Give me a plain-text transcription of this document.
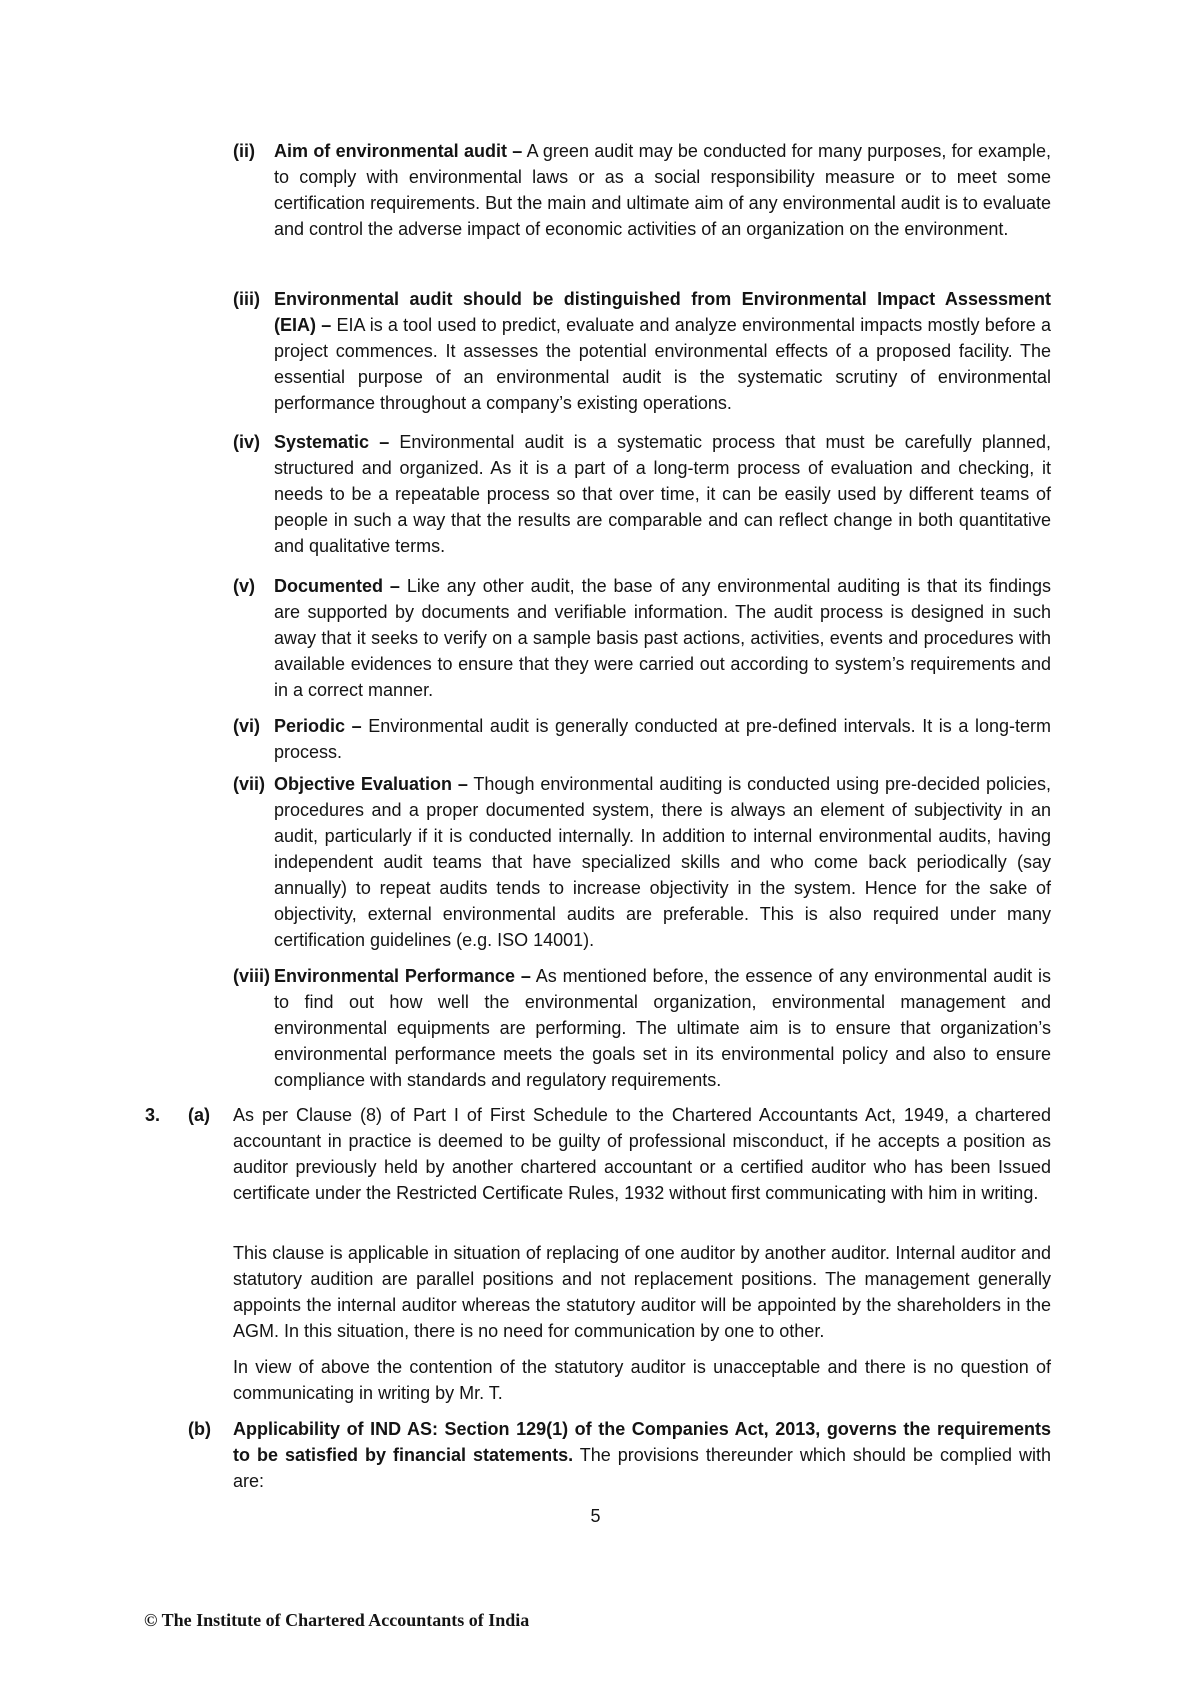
(ii) Aim of environmental audit – A green audit may be conducted for many purposes, for example, to comply with environmental laws or as a social responsibility measure or to meet some certification requirements. But the main and ultimate aim of any environmental audit is to evaluate and control the adverse impact of economic activities of an organization on the environment.
(iii) Environmental audit should be distinguished from Environmental Impact Assessment (EIA) – EIA is a tool used to predict, evaluate and analyze environmental impacts mostly before a project commences. It assesses the potential environmental effects of a proposed facility. The essential purpose of an environmental audit is the systematic scrutiny of environmental performance throughout a company’s existing operations.
(iv) Systematic – Environmental audit is a systematic process that must be carefully planned, structured and organized. As it is a part of a long-term process of evaluation and checking, it needs to be a repeatable process so that over time, it can be easily used by different teams of people in such a way that the results are comparable and can reflect change in both quantitative and qualitative terms.
(v) Documented – Like any other audit, the base of any environmental auditing is that its findings are supported by documents and verifiable information. The audit process is designed in such away that it seeks to verify on a sample basis past actions, activities, events and procedures with available evidences to ensure that they were carried out according to system’s requirements and in a correct manner.
(vi) Periodic – Environmental audit is generally conducted at pre-defined intervals. It is a long-term process.
(vii) Objective Evaluation – Though environmental auditing is conducted using pre-decided policies, procedures and a proper documented system, there is always an element of subjectivity in an audit, particularly if it is conducted internally. In addition to internal environmental audits, having independent audit teams that have specialized skills and who come back periodically (say annually) to repeat audits tends to increase objectivity in the system. Hence for the sake of objectivity, external environmental audits are preferable. This is also required under many certification guidelines (e.g. ISO 14001).
(viii) Environmental Performance – As mentioned before, the essence of any environmental audit is to find out how well the environmental organization, environmental management and environmental equipments are performing. The ultimate aim is to ensure that organization’s environmental performance meets the goals set in its environmental policy and also to ensure compliance with standards and regulatory requirements.
3. (a) As per Clause (8) of Part I of First Schedule to the Chartered Accountants Act, 1949, a chartered accountant in practice is deemed to be guilty of professional misconduct, if he accepts a position as auditor previously held by another chartered accountant or a certified auditor who has been Issued certificate under the Restricted Certificate Rules, 1932 without first communicating with him in writing.
This clause is applicable in situation of replacing of one auditor by another auditor. Internal auditor and statutory audition are parallel positions and not replacement positions. The management generally appoints the internal auditor whereas the statutory auditor will be appointed by the shareholders in the AGM. In this situation, there is no need for communication by one to other.
In view of above the contention of the statutory auditor is unacceptable and there is no question of communicating in writing by Mr. T.
(b) Applicability of IND AS: Section 129(1) of the Companies Act, 2013, governs the requirements to be satisfied by financial statements. The provisions thereunder which should be complied with are:
5
© The Institute of Chartered Accountants of India
